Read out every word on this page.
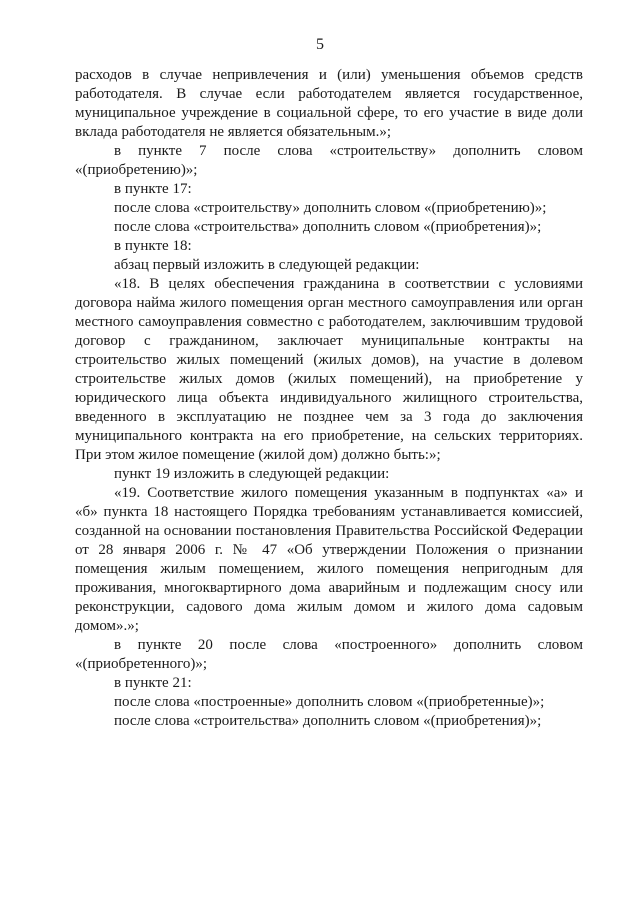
5

расходов в случае непривлечения и (или) уменьшения объемов средств работодателя. В случае если работодателем является государственное, муниципальное учреждение в социальной сфере, то его участие в виде доли вклада работодателя не является обязательным.»;

в пункте 7 после слова «строительству» дополнить словом «(приобретению)»;

в пункте 17:

после слова «строительству» дополнить словом «(приобретению)»;

после слова «строительства» дополнить словом «(приобретения)»;

в пункте 18:

абзац первый изложить в следующей редакции:

«18. В целях обеспечения гражданина в соответствии с условиями договора найма жилого помещения орган местного самоуправления или орган местного самоуправления совместно с работодателем, заключившим трудовой договор с гражданином, заключает муниципальные контракты на строительство жилых помещений (жилых домов), на участие в долевом строительстве жилых домов (жилых помещений), на приобретение у юридического лица объекта индивидуального жилищного строительства, введенного в эксплуатацию не позднее чем за 3 года до заключения муниципального контракта на его приобретение, на сельских территориях. При этом жилое помещение (жилой дом) должно быть:»;

пункт 19 изложить в следующей редакции:

«19. Соответствие жилого помещения указанным в подпунктах «а» и «б» пункта 18 настоящего Порядка требованиям устанавливается комиссией, созданной на основании постановления Правительства Российской Федерации от 28 января 2006 г. № 47 «Об утверждении Положения о признании помещения жилым помещением, жилого помещения непригодным для проживания, многоквартирного дома аварийным и подлежащим сносу или реконструкции, садового дома жилым домом и жилого дома садовым домом».»;

в пункте 20 после слова «построенного» дополнить словом «(приобретенного)»;

в пункте 21:

после слова «построенные» дополнить словом «(приобретенные)»;

после слова «строительства» дополнить словом «(приобретения)»;
